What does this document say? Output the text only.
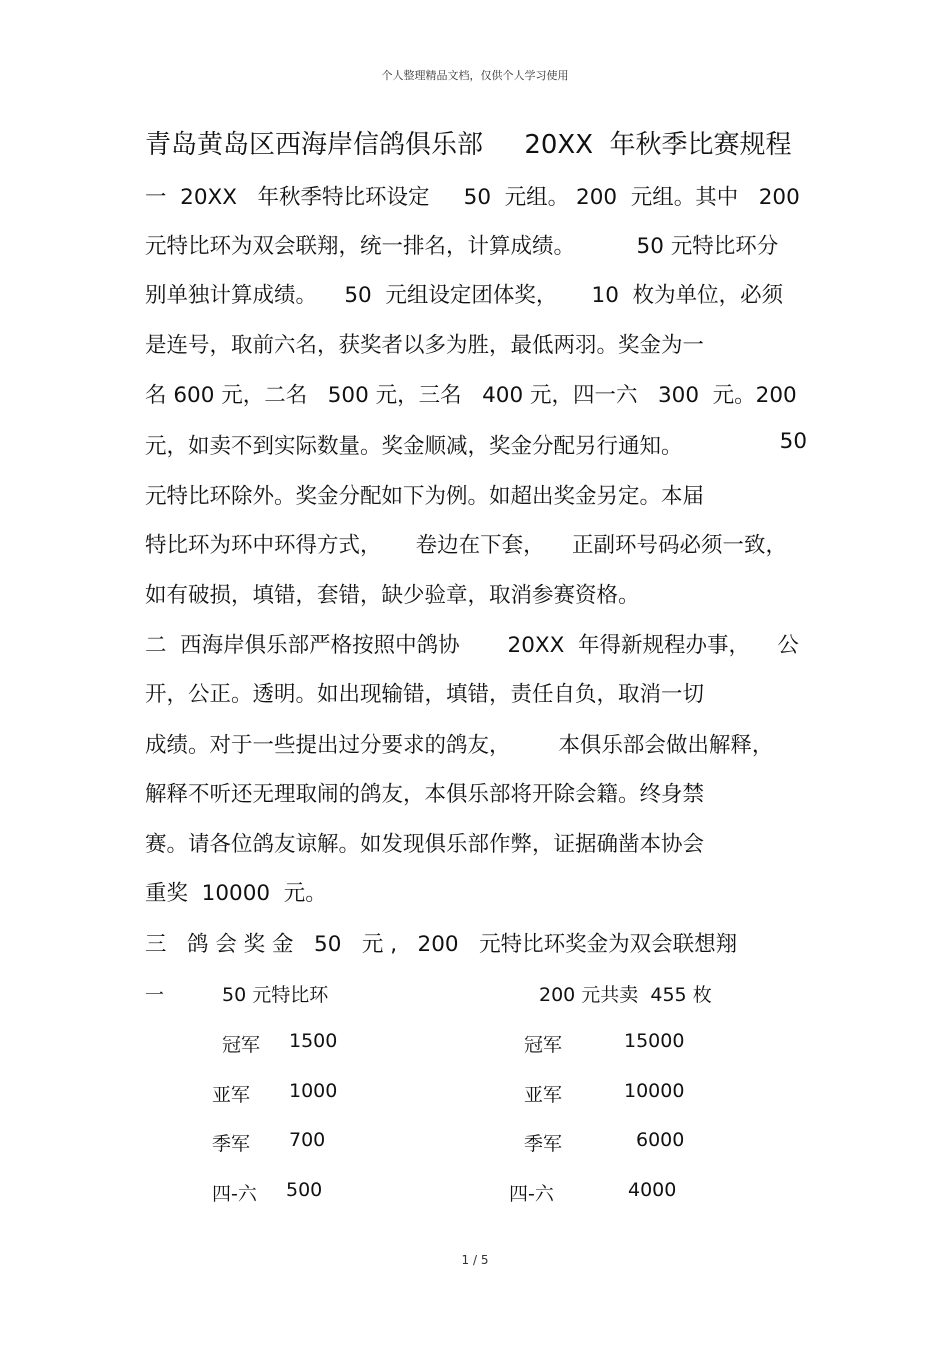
个人整理精品文档，仅供个人学习使用
青岛黄岛区西海岸信鸽俱乐部     20XX  年秋季比赛规程
一  20XX   年秋季特比环设定     50  元组。 200  元组。其中   200
元特比环为双会联翔，统一排名，计算成绩。         50 元特比环分
别单独计算成绩。    50  元组设定团体奖，     10  枚为单位，必须
是连号，取前六名，获奖者以多为胜，最低两羽。奖金为一
名 600 元，二名   500 元，三名   400 元，四一六   300  元。200
元，如卖不到实际数量。奖金顺减，奖金分配另行通知。	50
元特比环除外。奖金分配如下为例。如超出奖金另定。本届
特比环为环中环得方式，     卷边在下套，    正副环号码必须一致，
如有破损，填错，套错，缺少验章，取消参赛资格。
二  西海岸俱乐部严格按照中鸽协       20XX  年得新规程办事，    公
开，公正。透明。如出现输错，填错，责任自负，取消一切
成绩。对于一些提出过分要求的鸽友，       本俱乐部会做出解释，
解释不听还无理取闹的鸽友，本俱乐部将开除会籍。终身禁
赛。请各位鸽友谅解。如发现俱乐部作弊，证据确凿本协会
重奖  10000  元。
三   鸽 会 奖 金   50   元 ,   200   元特比环奖金为双会联想翔
一	50 元特比环	200 元共卖  455 枚
冠军 1500	冠军	15000
亚军 1000	亚军	10000
季军 700	季军	6000
四-六 500	四-六	4000
1 / 5
